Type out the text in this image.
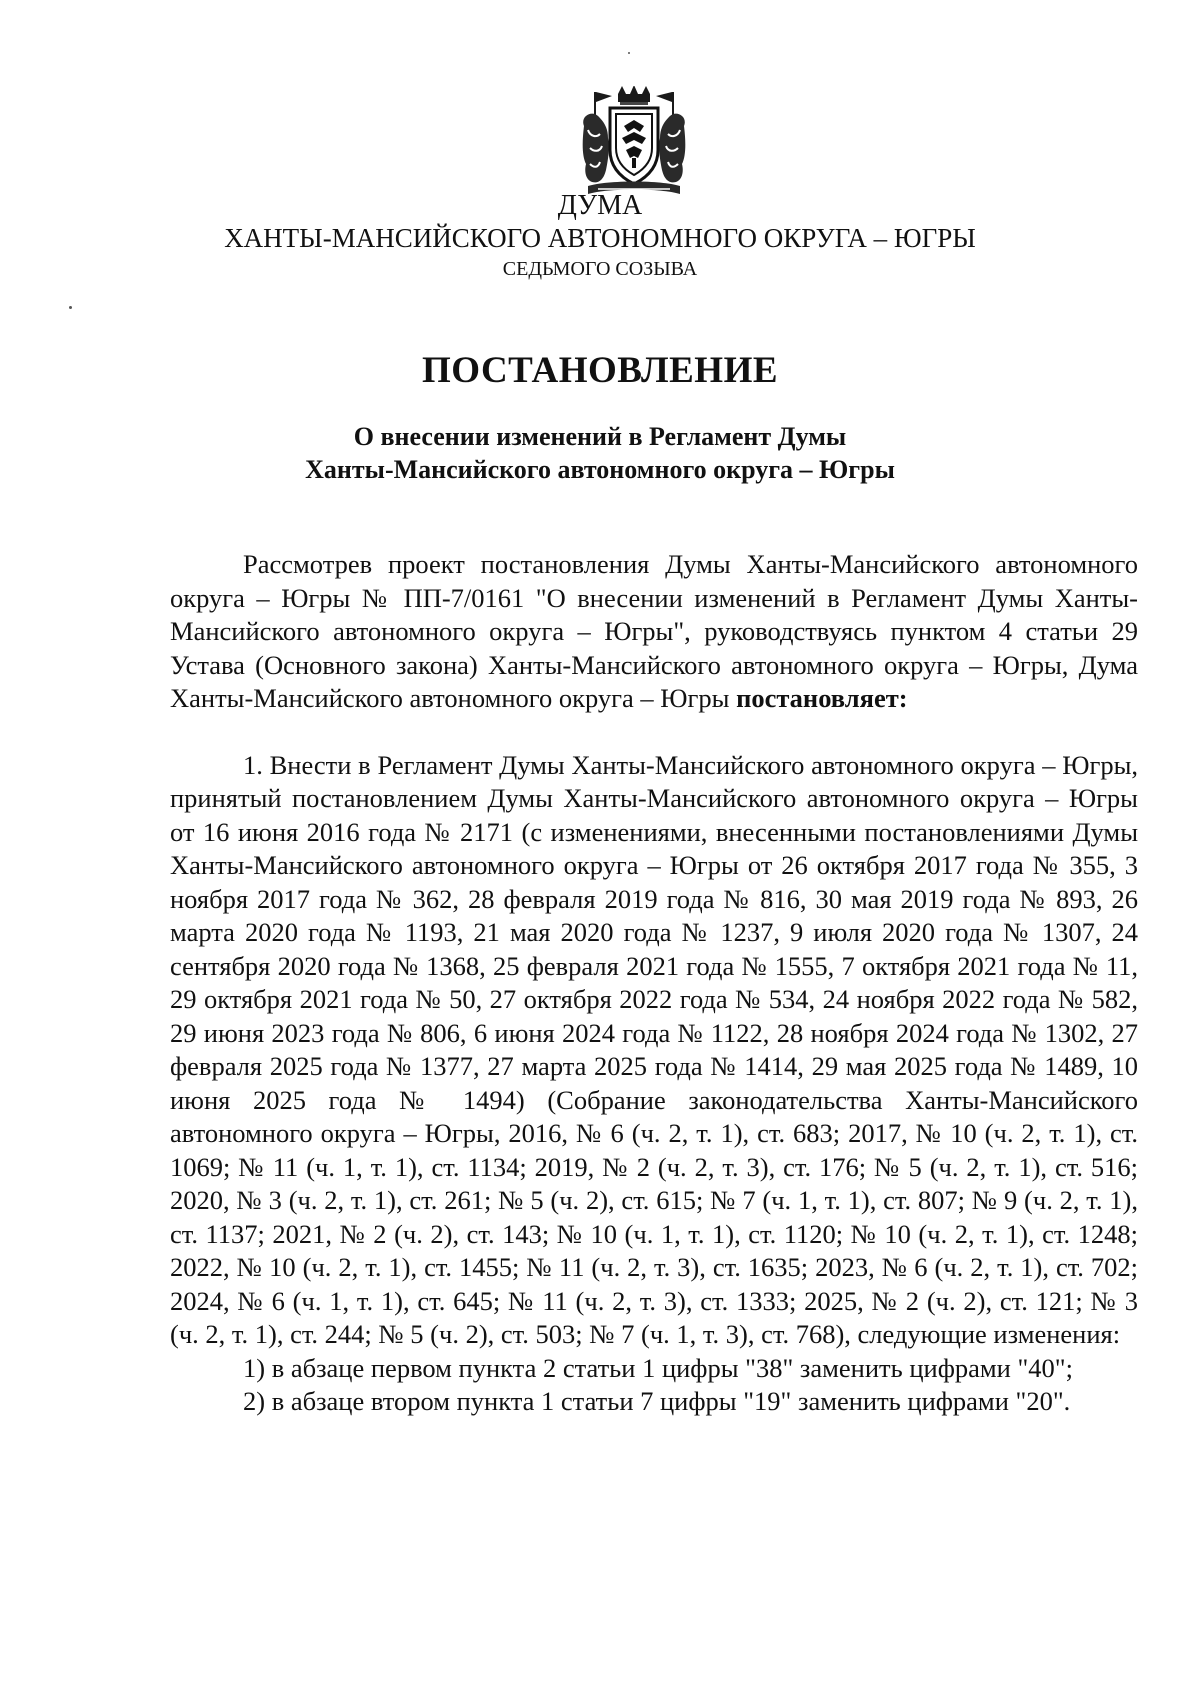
ДУМА
ХАНТЫ-МАНСИЙСКОГО АВТОНОМНОГО ОКРУГА – ЮГРЫ
СЕДЬМОГО СОЗЫВА
ПОСТАНОВЛЕНИЕ
О внесении изменений в Регламент Думы
Ханты-Мансийского автономного округа – Югры

Рассмотрев проект постановления Думы Ханты-Мансийского автономного округа – Югры № ПП-7/0161 "О внесении изменений в Регламент Думы Ханты-Мансийского автономного округа – Югры", руководствуясь пунктом 4 статьи 29 Устава (Основного закона) Ханты-Мансийского автономного округа – Югры, Дума Ханты-Мансийского автономного округа – Югры постановляет:

1. Внести в Регламент Думы Ханты-Мансийского автономного округа – Югры, принятый постановлением Думы Ханты-Мансийского автономного округа – Югры от 16 июня 2016 года № 2171 (с изменениями, внесенными постановлениями Думы Ханты-Мансийского автономного округа – Югры от 26 октября 2017 года № 355, 3 ноября 2017 года № 362, 28 февраля 2019 года № 816, 30 мая 2019 года № 893, 26 марта 2020 года № 1193, 21 мая 2020 года № 1237, 9 июля 2020 года № 1307, 24 сентября 2020 года № 1368, 25 февраля 2021 года № 1555, 7 октября 2021 года № 11, 29 октября 2021 года № 50, 27 октября 2022 года № 534, 24 ноября 2022 года № 582, 29 июня 2023 года № 806, 6 июня 2024 года № 1122, 28 ноября 2024 года № 1302, 27 февраля 2025 года № 1377, 27 марта 2025 года № 1414, 29 мая 2025 года № 1489, 10 июня 2025 года № 1494) (Собрание законодательства Ханты-Мансийского автономного округа – Югры, 2016, № 6 (ч. 2, т. 1), ст. 683; 2017, № 10 (ч. 2, т. 1), ст. 1069; № 11 (ч. 1, т. 1), ст. 1134; 2019, № 2 (ч. 2, т. 3), ст. 176; № 5 (ч. 2, т. 1), ст. 516; 2020, № 3 (ч. 2, т. 1), ст. 261; № 5 (ч. 2), ст. 615; № 7 (ч. 1, т. 1), ст. 807; № 9 (ч. 2, т. 1), ст. 1137; 2021, № 2 (ч. 2), ст. 143; № 10 (ч. 1, т. 1), ст. 1120; № 10 (ч. 2, т. 1), ст. 1248; 2022, № 10 (ч. 2, т. 1), ст. 1455; № 11 (ч. 2, т. 3), ст. 1635; 2023, № 6 (ч. 2, т. 1), ст. 702; 2024, № 6 (ч. 1, т. 1), ст. 645; № 11 (ч. 2, т. 3), ст. 1333; 2025, № 2 (ч. 2), ст. 121; № 3 (ч. 2, т. 1), ст. 244; № 5 (ч. 2), ст. 503; № 7 (ч. 1, т. 3), ст. 768), следующие изменения:

1) в абзаце первом пункта 2 статьи 1 цифры "38" заменить цифрами "40";

2) в абзаце втором пункта 1 статьи 7 цифры "19" заменить цифрами "20".
